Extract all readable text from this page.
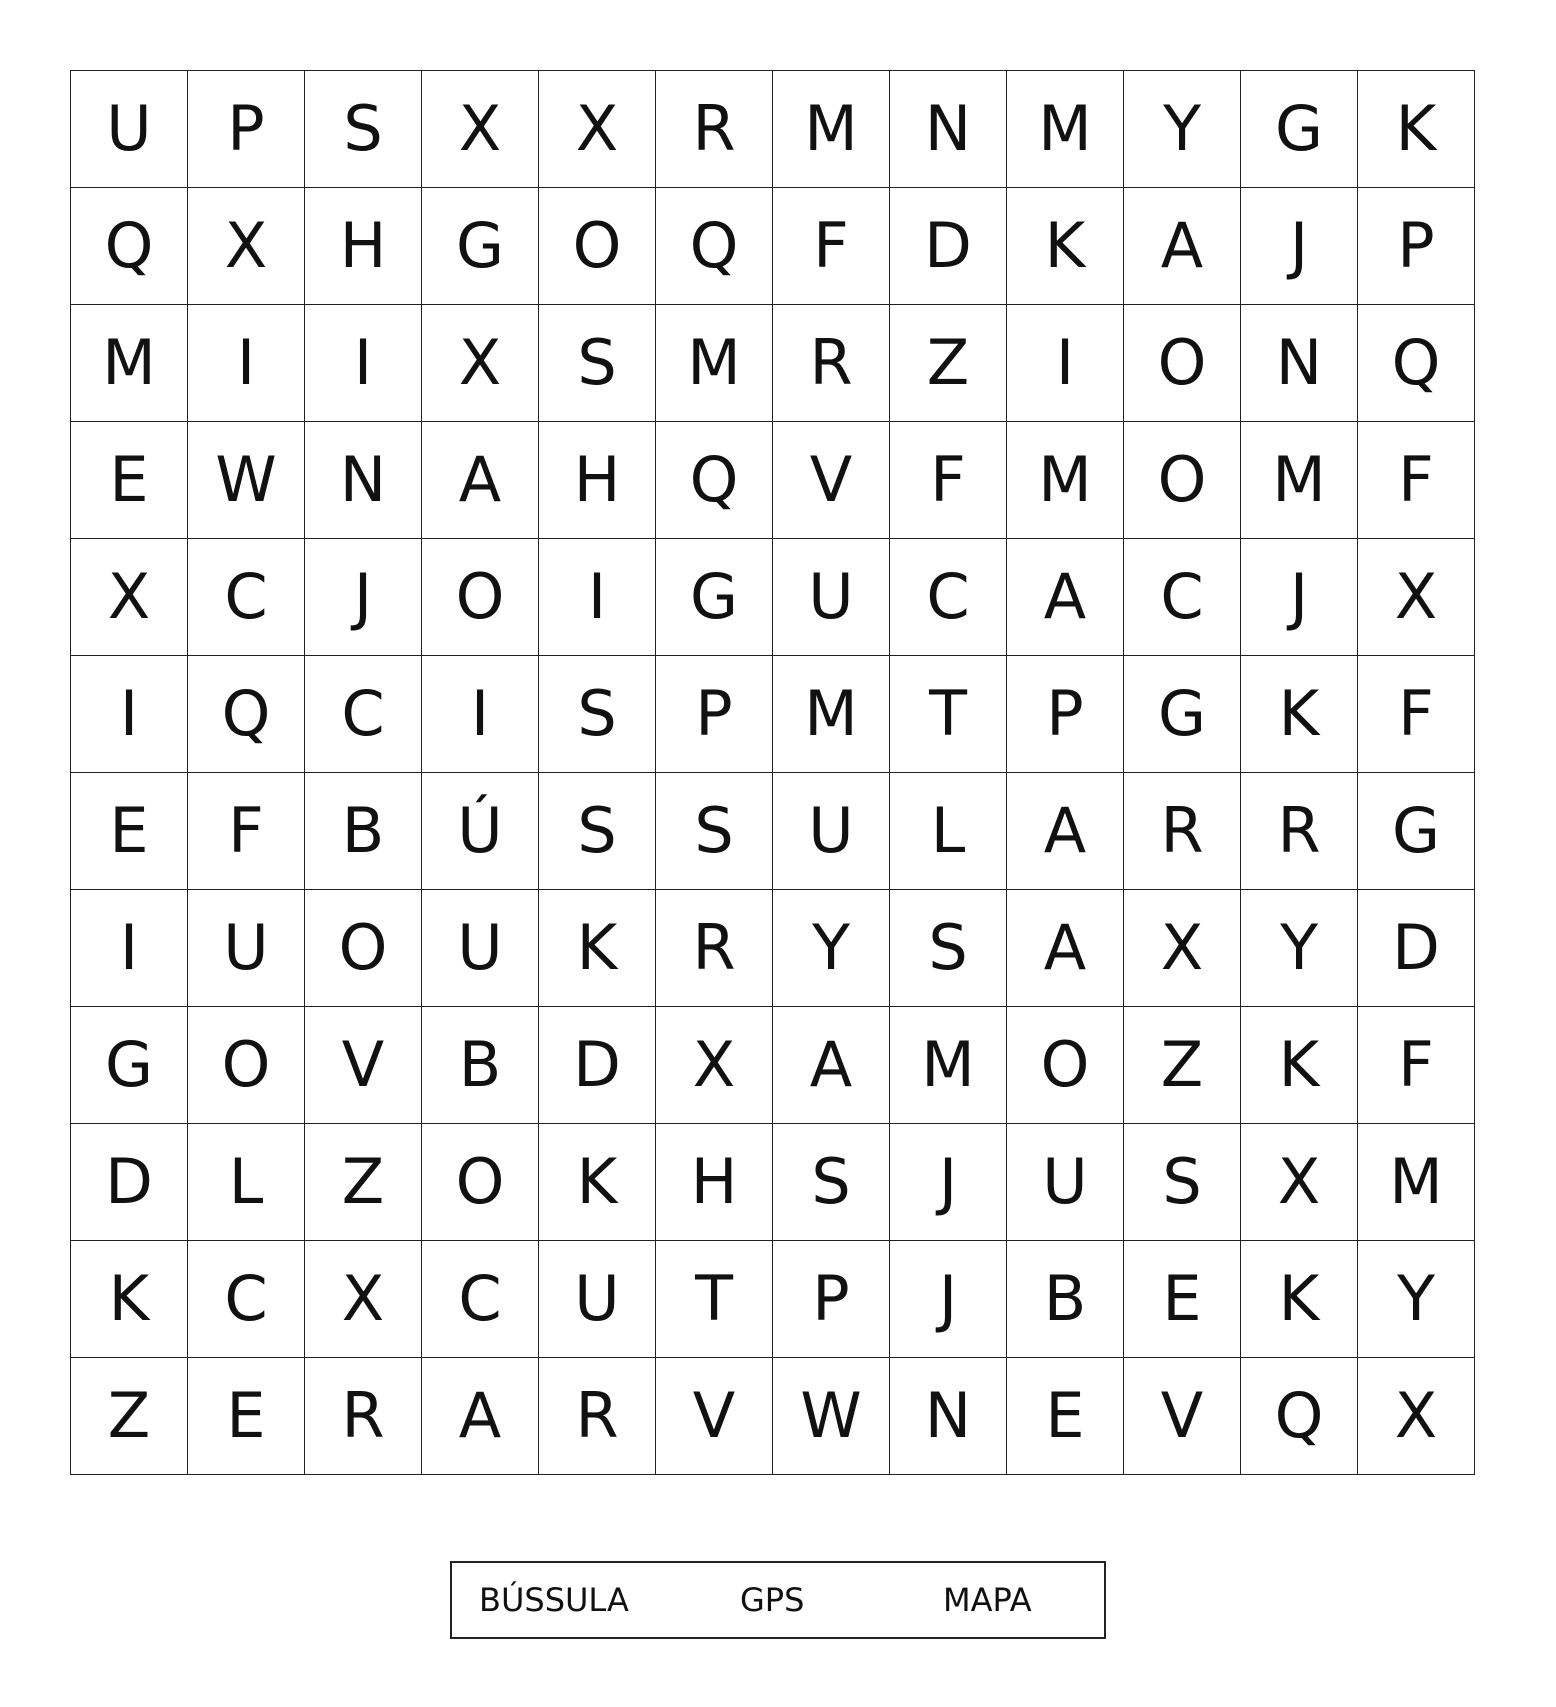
U	P	S	X	X	R	M	N	M	Y	G	K
Q	X	H	G	O	Q	F	D	K	A	J	P
M	I	I	X	S	M	R	Z	I	O	N	Q
E	W	N	A	H	Q	V	F	M	O	M	F
X	C	J	O	I	G	U	C	A	C	J	X
I	Q	C	I	S	P	M	T	P	G	K	F
E	F	B	Ú	S	S	U	L	A	R	R	G
I	U	O	U	K	R	Y	S	A	X	Y	D
G	O	V	B	D	X	A	M	O	Z	K	F
D	L	Z	O	K	H	S	J	U	S	X	M
K	C	X	C	U	T	P	J	B	E	K	Y
Z	E	R	A	R	V	W	N	E	V	Q	X
BÚSSULA	GPS	MAPA
